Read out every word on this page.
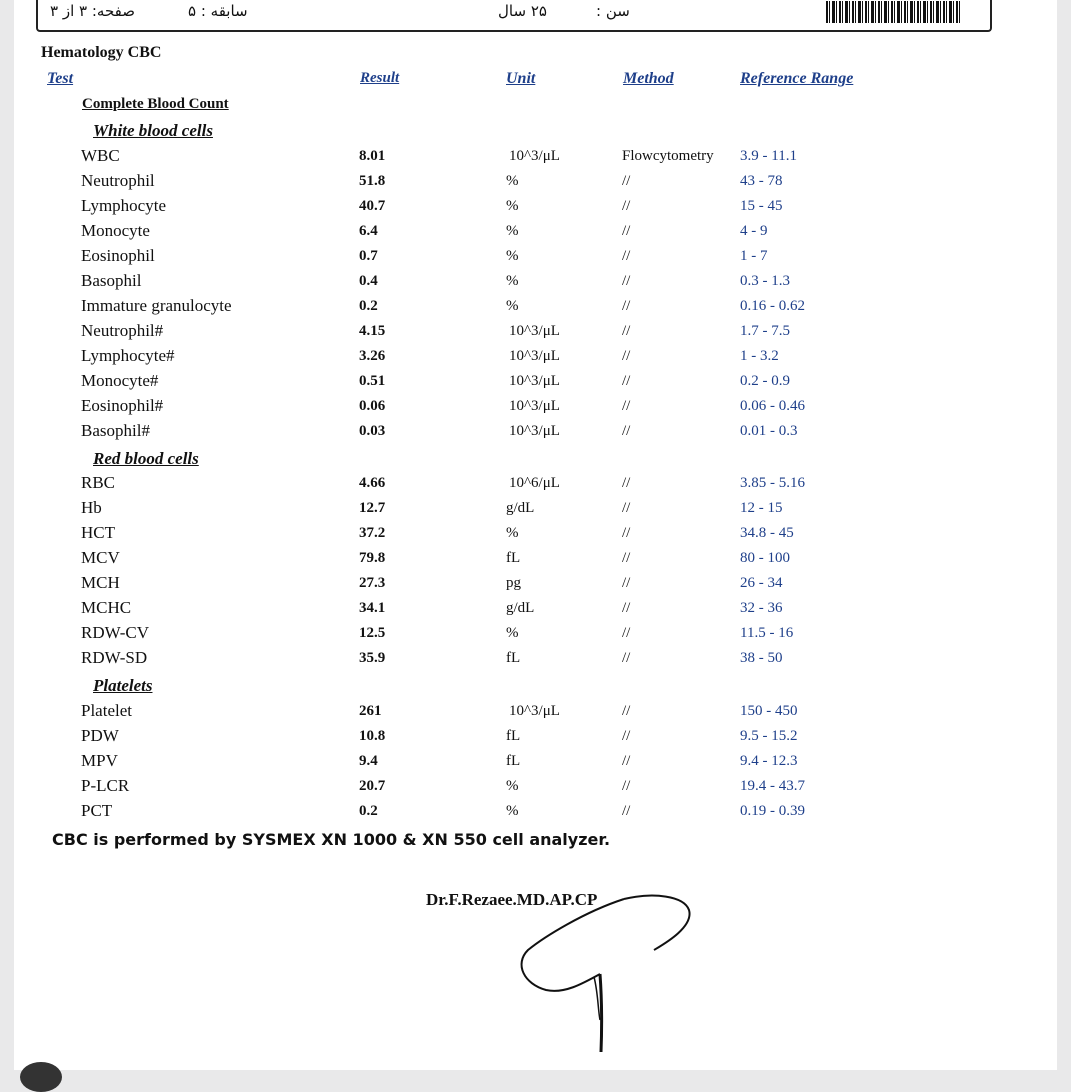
صفحه: ۳ از ۳	سابقه : ۵	۲۵ سال	سن :
Hematology CBC
Test	Result	Unit	Method	Reference Range
Complete Blood Count
White blood cells
WBC	8.01	10^3/μL	Flowcytometry 3.9 - 11.1
Neutrophil	51.8	%	//	43 - 78
Lymphocyte	40.7	%	//	15 - 45
Monocyte	6.4	%	//	4 - 9
Eosinophil	0.7	%	//	1 - 7
Basophil	0.4	%	//	0.3 - 1.3
Immature granulocyte	0.2	%	//	0.16 - 0.62
Neutrophil#	4.15	10^3/μL	//	1.7 - 7.5
Lymphocyte#	3.26	10^3/μL	//	1 - 3.2
Monocyte#	0.51	10^3/μL	//	0.2 - 0.9
Eosinophil#	0.06	10^3/μL	//	0.06 - 0.46
Basophil#	0.03	10^3/μL	//	0.01 - 0.3
Red blood cells
RBC	4.66	10^6/μL	//	3.85 - 5.16
Hb	12.7	g/dL	//	12 - 15
HCT	37.2	%	//	34.8 - 45
MCV	79.8	fL	//	80 - 100
MCH	27.3	pg	//	26 - 34
MCHC	34.1	g/dL	//	32 - 36
RDW-CV	12.5	%	//	11.5 - 16
RDW-SD	35.9	fL	//	38 - 50
Platelets
Platelet	261	10^3/μL	//	150 - 450
PDW	10.8	fL	//	9.5 - 15.2
MPV	9.4	fL	//	9.4 - 12.3
P-LCR	20.7	%	//	19.4 - 43.7
PCT	0.2	%	//	0.19 - 0.39
CBC is performed by SYSMEX XN 1000 & XN 550 cell analyzer.
Dr.F.Rezaee.MD.AP.CP
